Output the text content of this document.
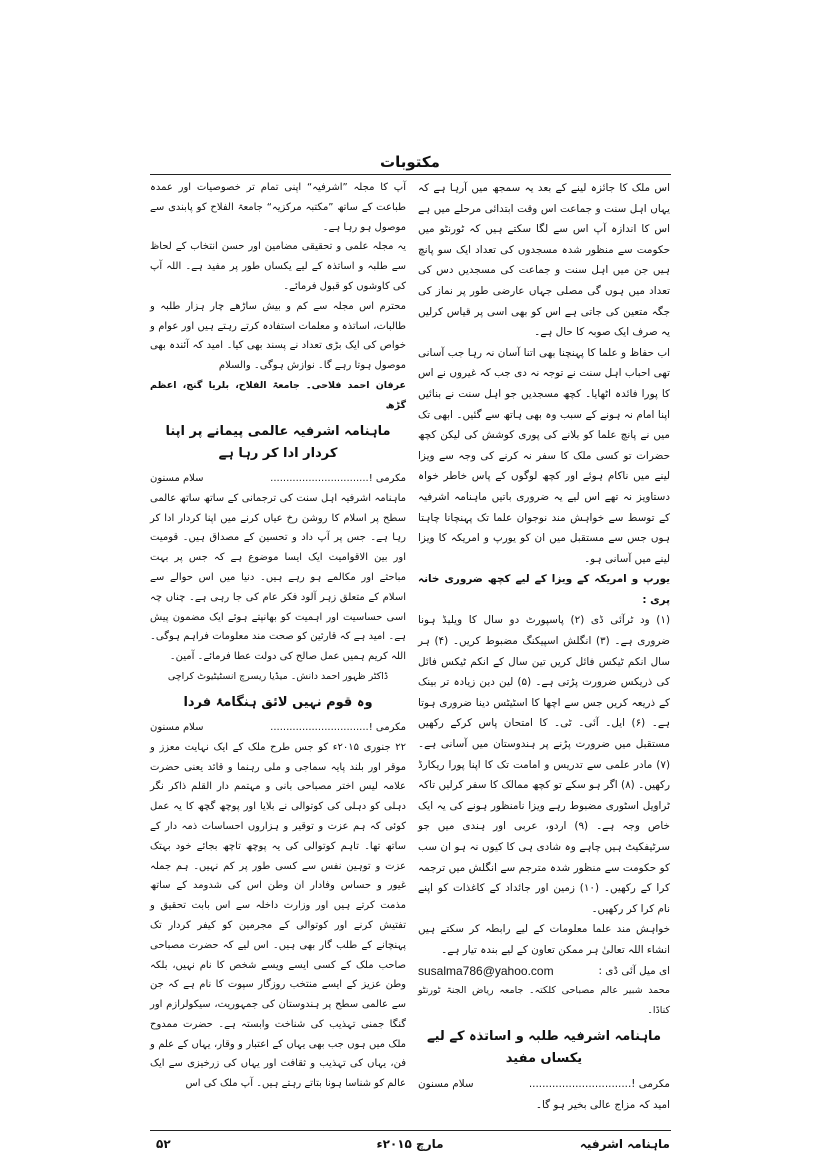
مکتوبات

اس ملک کا جائزہ لینے کے بعد یہ سمجھ میں آرہا ہے کہ یہاں اہل سنت و جماعت اس وقت ابتدائی مرحلے میں ہے اس کا اندازہ آپ اس سے لگا سکتے ہیں کہ ٹورنٹو میں حکومت سے منظور شدہ مسجدوں کی تعداد ایک سو پانچ ہیں جن میں اہل سنت و جماعت کی مسجدیں دس کی تعداد میں ہوں گی مصلی جہاں عارضی طور پر نماز کی جگہ متعین کی جاتی ہے اس کو بھی اسی پر قیاس کرلیں یہ صرف ایک صوبہ کا حال ہے۔

اب حفاظ و علما کا پہنچنا بھی اتنا آسان نہ رہا جب آسانی تھی احباب اہل سنت نے توجہ نہ دی جب کہ غیروں نے اس کا پورا فائدہ اٹھایا۔ کچھ مسجدیں جو اہل سنت نے بنائیں اپنا امام نہ ہونے کے سبب وہ بھی ہاتھ سے گئیں۔ ابھی تک میں نے پانچ علما کو بلانے کی پوری کوشش کی لیکن کچھ حضرات تو کسی ملک کا سفر نہ کرنے کی وجہ سے ویزا لینے میں ناکام ہوئے اور کچھ لوگوں کے پاس خاطر خواہ دستاویز نہ تھے اس لیے یہ ضروری باتیں ماہنامہ اشرفیہ کے توسط سے خواہش مند نوجوان علما تک پہنچانا چاہتا ہوں جس سے مستقبل میں ان کو یورپ و امریکہ کا ویزا لینے میں آسانی ہو۔

یورپ و امریکہ کے ویزا کے لیے کچھ ضروری خانہ پری :

(۱) ود ٹرآئی ڈی (۲) پاسپورٹ دو سال کا ویلیڈ ہونا ضروری ہے۔ (۳) انگلش اسپیکنگ مضبوط کریں۔ (۴) ہر سال انکم ٹیکس فائل کریں تین سال کے انکم ٹیکس فائل کی ذریکس ضرورت پڑتی ہے۔ (۵) لین دین زیادہ تر بینک کے ذریعہ کریں جس سے اچھا کا اسٹیٹس دینا ضروری ہوتا ہے۔ (۶) ایل۔ آئی۔ ٹی۔ کا امتحان پاس کرکے رکھیں مستقبل میں ضرورت پڑنے پر ہندوستان میں آسانی ہے۔ (۷) مادر علمی سے تدریس و امامت تک کا اپنا پورا ریکارڈ رکھیں۔ (۸) اگر ہو سکے تو کچھ ممالک کا سفر کرلیں تاکہ ٹراویل اسٹوری مضبوط رہے ویزا نامنظور ہونے کی یہ ایک خاص وجہ ہے۔ (۹) اردو، عربی اور ہندی میں جو سرٹیفکیٹ ہیں چاہے وہ شادی ہی کا کیوں نہ ہو ان سب کو حکومت سے منظور شدہ مترجم سے انگلش میں ترجمہ کرا کے رکھیں۔ (۱۰) زمین اور جائداد کے کاغذات کو اپنے نام کرا کر رکھیں۔

خواہش مند علما معلومات کے لیے رابطہ کر سکتے ہیں انشاء اللہ تعالیٰ ہر ممکن تعاون کے لیے بندہ تیار ہے۔

ای میل آئی ڈی :
susalma786@yahoo.com

محمد شبیر عالم مصباحی کلکتہ۔ جامعہ ریاض الجنۃ ٹورنٹو کناڈا۔

ماہنامہ اشرفیہ طلبہ و اساتذہ کے لیے یکساں مفید

مکرمی !...............................
سلام مسنون

امید کہ مزاج عالی بخیر ہو گا۔

آپ کا مجلہ ”اشرفیہ“ اپنی تمام تر خصوصیات اور عمدہ طباعت کے ساتھ ”مکتبہ مرکزیہ“ جامعۃ الفلاح کو پابندی سے موصول ہو رہا ہے۔

یہ مجلہ علمی و تحقیقی مضامین اور حسن انتخاب کے لحاظ سے طلبہ و اساتذہ کے لیے یکساں طور پر مفید ہے۔ اللہ آپ کی کاوشوں کو قبول فرمائے۔

محترم اس مجلہ سے کم و بیش ساڑھے چار ہزار طلبہ و طالبات، اساتذہ و معلمات استفادہ کرتے رہتے ہیں اور عوام و خواص کی ایک بڑی تعداد نے پسند بھی کیا۔ امید کہ آئندہ بھی موصول ہوتا رہے گا۔ نوازش ہوگی۔ والسلام

عرفان احمد فلاحی۔ جامعۃ الفلاح، بلریا گنج، اعظم گڑھ

ماہنامہ اشرفیہ عالمی پیمانے پر اپنا کردار ادا کر رہا ہے

مکرمی !...............................
سلام مسنون

ماہنامہ اشرفیہ اہل سنت کی ترجمانی کے ساتھ ساتھ عالمی سطح پر اسلام کا روشن رخ عیاں کرنے میں اپنا کردار ادا کر رہا ہے۔ جس پر آپ داد و تحسین کے مصداق ہیں۔ قومیت اور بین الاقوامیت ایک ایسا موضوع ہے کہ جس پر بہت مباحثے اور مکالمے ہو رہے ہیں۔ دنیا میں اس حوالے سے اسلام کے متعلق زہر آلود فکر عام کی جا رہی ہے۔ چناں چہ اسی حساسیت اور اہمیت کو بھانپتے ہوئے ایک مضمون پیش ہے۔ امید ہے کہ قارئین کو صحت مند معلومات فراہم ہوگی۔ اللہ کریم ہمیں عمل صالح کی دولت عطا فرمائے۔ آمین۔

ڈاکٹر ظہور احمد دانش۔ میڈیا ریسرچ انسٹیٹیوٹ کراچی

وہ قوم نہیں لائق ہنگامۂ فردا

مکرمی !...............................
سلام مسنون

۲۲ جنوری ۲۰۱۵ء کو جس طرح ملک کے ایک نہایت معزز و موقر اور بلند پایہ سماجی و ملی رہنما و قائد یعنی حضرت علامہ لیس اختر مصباحی بانی و مہتمم دار القلم ذاکر نگر دہلی کو دہلی کی کوتوالی نے بلایا اور پوچھ گچھ کا یہ عمل کوئی کہ ہم عزت و توقیر و ہزاروں احساسات ذمہ دار کے ساتھ تھا۔ تاہم کوتوالی کی یہ پوچھ تاچھ بجائے خود بہتک عزت و توہین نفس سے کسی طور پر کم نہیں۔ ہم جملہ غیور و حساس وفادار ان وطن اس کی شدومد کے ساتھ مذمت کرتے ہیں اور وزارت داخلہ سے اس بابت تحقیق و تفتیش کرنے اور کوتوالی کے مجرمین کو کیفر کردار تک پہنچانے کے طلب گار بھی ہیں۔ اس لیے کہ حضرت مصباحی صاحب ملک کے کسی ایسے ویسے شخص کا نام نہیں، بلکہ وطن عزیز کے ایسے منتخب روزگار سپوت کا نام ہے کہ جن سے عالمی سطح پر ہندوستان کی جمہوریت، سیکولرازم اور گنگا جمنی تہذیب کی شناخت وابستہ ہے۔ حضرت ممدوح ملک میں ہوں جب بھی یہاں کے اعتبار و وقار، یہاں کے علم و فن، یہاں کی تہذیب و ثقافت اور یہاں کی زرخیزی سے ایک عالم کو شناسا ہونا بتاتے رہتے ہیں۔ آپ ملک کی اس

ماہنامہ اشرفیہ
مارچ ۲۰۱۵ء
۵۲
